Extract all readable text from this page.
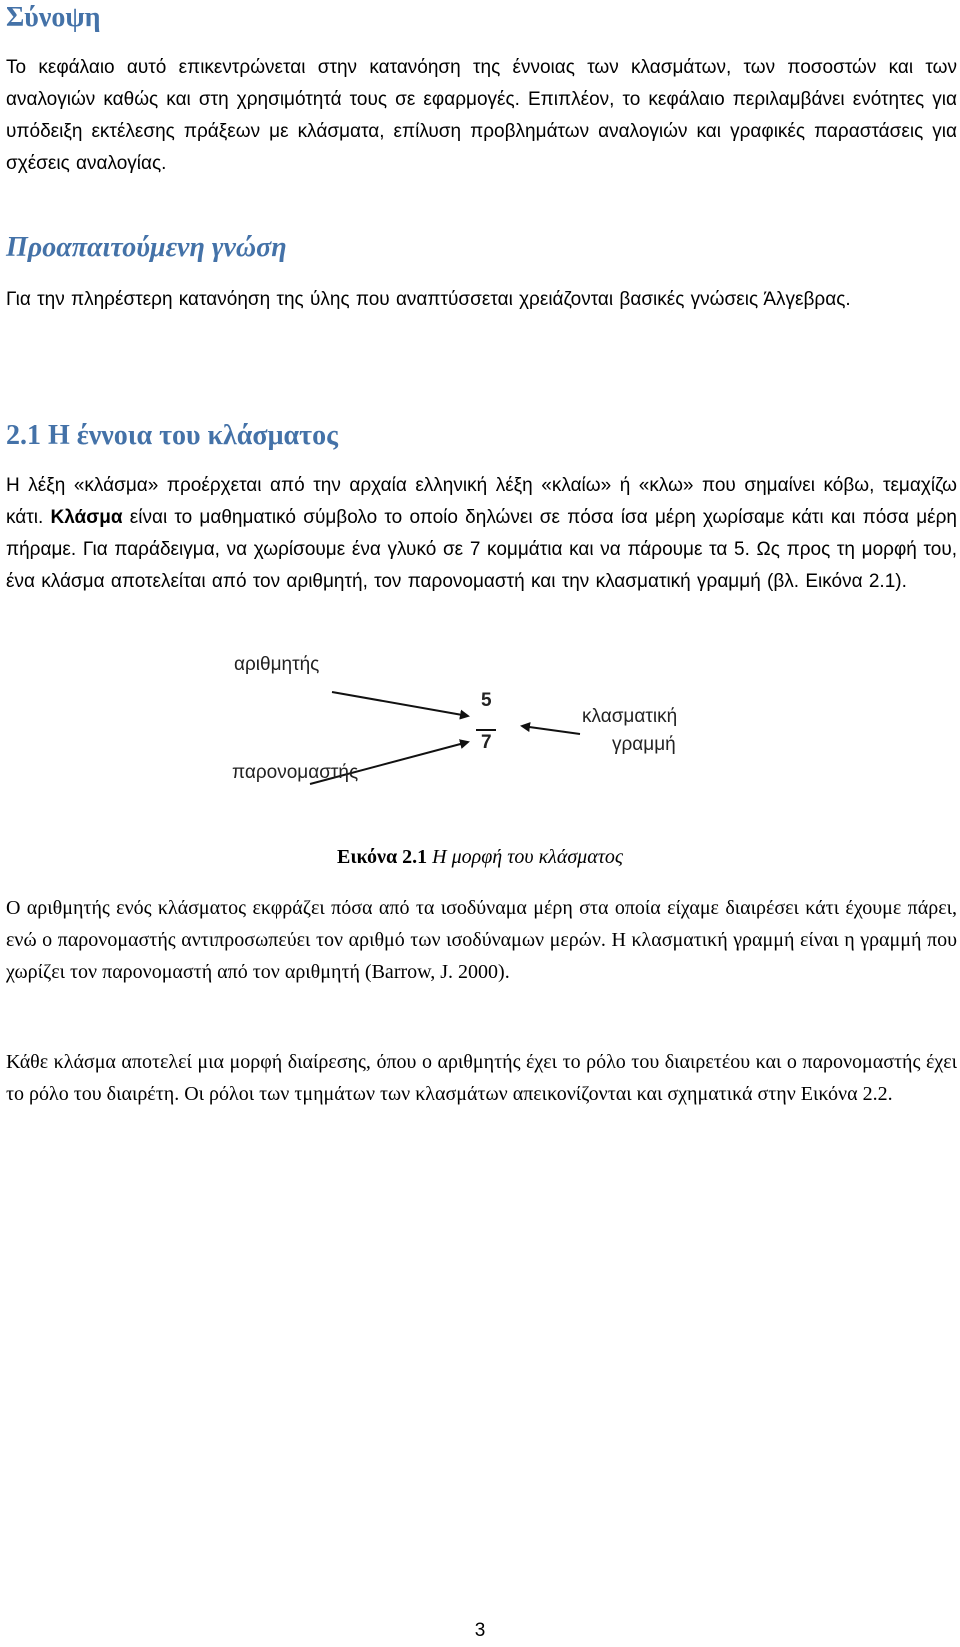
Σύνοψη

Το κεφάλαιο αυτό επικεντρώνεται στην κατανόηση της έννοιας των κλασμάτων, των ποσοστών και των αναλογιών καθώς και στη χρησιμότητά τους σε εφαρμογές. Επιπλέον, το κεφάλαιο περιλαμβάνει ενότητες για υπόδειξη εκτέλεσης πράξεων με κλάσματα, επίλυση προβλημάτων αναλογιών και γραφικές παραστάσεις για σχέσεις αναλογίας.

Προαπαιτούμενη γνώση

Για την πληρέστερη κατανόηση της ύλης που αναπτύσσεται χρειάζονται βασικές γνώσεις Άλγεβρας.

2.1 Η έννοια του κλάσματος

Η λέξη «κλάσμα» προέρχεται από την αρχαία ελληνική λέξη «κλαίω» ή «κλω» που σημαίνει κόβω, τεμαχίζω κάτι. Κλάσμα είναι το μαθηματικό σύμβολο το οποίο δηλώνει σε πόσα ίσα μέρη χωρίσαμε κάτι και πόσα μέρη πήραμε. Για παράδειγμα, να χωρίσουμε ένα γλυκό σε 7 κομμάτια και να πάρουμε τα 5. Ως προς τη μορφή του, ένα κλάσμα αποτελείται από τον αριθμητή, τον παρονομαστή και την κλασματική γραμμή (βλ. Εικόνα 2.1).

αριθμητής
παρονομαστής
κλασματική
γραμμή
5
7
Εικόνα 2.1 Η μορφή του κλάσματος

Ο αριθμητής ενός κλάσματος εκφράζει πόσα από τα ισοδύναμα μέρη στα οποία είχαμε διαιρέσει κάτι έχουμε πάρει, ενώ ο παρονομαστής αντιπροσωπεύει τον αριθμό των ισοδύναμων μερών. Η κλασματική γραμμή είναι η γραμμή που χωρίζει τον παρονομαστή από τον αριθμητή (Barrow, J. 2000).

Κάθε κλάσμα αποτελεί μια μορφή διαίρεσης, όπου ο αριθμητής έχει το ρόλο του διαιρετέου και ο παρονομαστής έχει το ρόλο του διαιρέτη. Οι ρόλοι των τμημάτων των κλασμάτων απεικονίζονται και σχηματικά στην Εικόνα 2.2.

3
